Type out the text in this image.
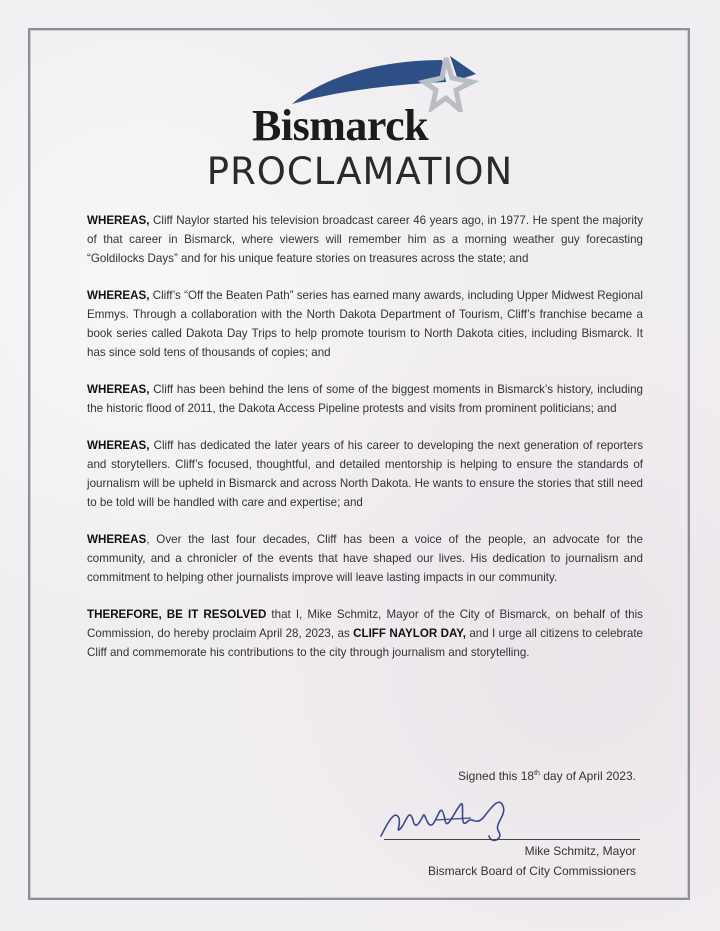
Bismarck
PROCLAMATION

WHEREAS, Cliff Naylor started his television broadcast career 46 years ago, in 1977. He spent the majority of that career in Bismarck, where viewers will remember him as a morning weather guy forecasting “Goldilocks Days” and for his unique feature stories on treasures across the state; and

WHEREAS, Cliff’s “Off the Beaten Path” series has earned many awards, including Upper Midwest Regional Emmys. Through a collaboration with the North Dakota Department of Tourism, Cliff’s franchise became a book series called Dakota Day Trips to help promote tourism to North Dakota cities, including Bismarck. It has since sold tens of thousands of copies; and

WHEREAS, Cliff has been behind the lens of some of the biggest moments in Bismarck’s history, including the historic flood of 2011, the Dakota Access Pipeline protests and visits from prominent politicians; and

WHEREAS, Cliff has dedicated the later years of his career to developing the next generation of reporters and storytellers. Cliff’s focused, thoughtful, and detailed mentorship is helping to ensure the standards of journalism will be upheld in Bismarck and across North Dakota. He wants to ensure the stories that still need to be told will be handled with care and expertise; and

WHEREAS, Over the last four decades, Cliff has been a voice of the people, an advocate for the community, and a chronicler of the events that have shaped our lives. His dedication to journalism and commitment to helping other journalists improve will leave lasting impacts in our community.

THEREFORE, BE IT RESOLVED that I, Mike Schmitz, Mayor of the City of Bismarck, on behalf of this Commission, do hereby proclaim April 28, 2023, as CLIFF NAYLOR DAY, and I urge all citizens to celebrate Cliff and commemorate his contributions to the city through journalism and storytelling.

Signed this 18th day of April 2023.
Mike Schmitz, Mayor
Bismarck Board of City Commissioners
